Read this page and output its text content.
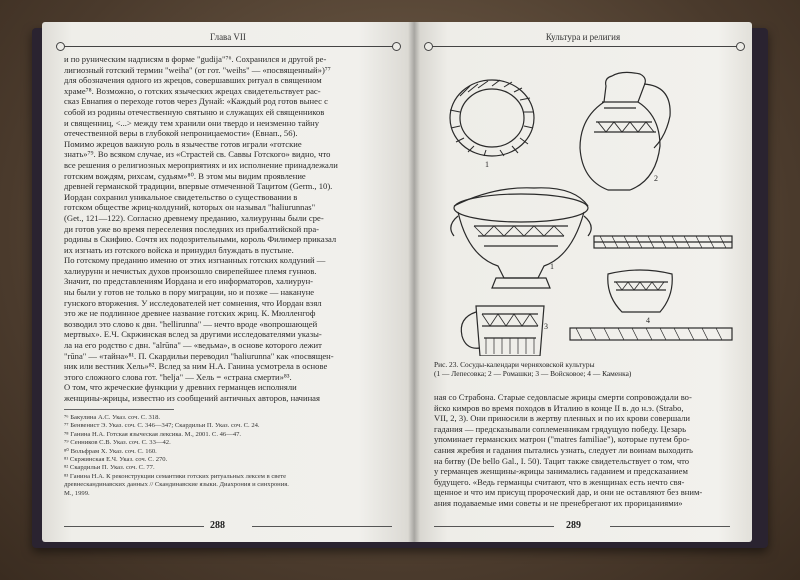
Глава VII

и по руническим надписям в форме "gudija"⁷⁶. Сохранился и другой ре-

лигиозный готский термин "weiha" (от гот. "weihs" — «посвященный»)⁷⁷

для обозначения одного из жрецов, совершавших ритуал в священном

храме⁷⁸. Возможно, о готских языческих жрецах свидетельствует рас-

сказ Евнапия о переходе готов через Дунай: «Каждый род готов вынес с

собой из родины отечественную святыню и служащих ей священников

и священниц, <...> между тем хранили они твердо и неизменно тайну

отечественной веры в глубокой непроницаемости» (Евнап., 56).

Помимо жрецов важную роль в язычестве готов играли «готские

знать»⁷⁹. Во всяком случае, из «Страстей св. Саввы Готского» видно, что

все решения о религиозных мероприятиях и их исполнение принадлежали

готским вождям, рихсам, судьям»⁸⁰. В этом мы видим проявление

древней германской традиции, впервые отмеченной Тацитом (Germ., 10).

Иордан сохранил уникальное свидетельство о существовании в

готском обществе жриц-колдуний, которых он называл "haliurunnas"

(Get., 121—122). Согласно древнему преданию, халиурунны были сре-

ди готов уже во время переселения последних из прибалтийской пра-

родины в Скифию. Сочтя их подозрительными, король Филимер приказал

их изгнать из готского войска и принудил блуждать в пустыне.

По готскому преданию именно от этих изгнанных готских колдуний —

халиурунн и нечистых духов произошло свирепейшее племя гуннов.

Значит, по представлениям Иордана и его информаторов, халиурун-

ны были у готов не только в пору миграции, но и позже — накануне

гунского вторжения. У исследователей нет сомнения, что Иордан взял

это же не подлинное древнее название готских жриц. К. Мюлленгоф

возводил это слово к двн. "hellirunna" — нечто вроде «вопрошающей

мертвых». Е.Ч. Скржинская вслед за другими исследователями указы-

ла на его родство с двн. "alrūna" — «ведьма», в основе которого лежит

"rūna" — «тайна»⁸¹. П. Скардильи переводил "haliurunna" как «посвящен-

ник или вестник Хель»⁸². Вслед за ним Н.А. Ганина усмотрела в основе

этого сложного слова гот. "helja" — Хель = «страна смерти»⁸³.

О том, что жреческие функции у древних германцев исполняли

женщины-жрицы, известно из сообщений античных авторов, начиная

⁷⁶ Бакулина А.С. Указ. соч. С. 318.

⁷⁷ Бенвенист Э. Указ. соч. С. 346—347; Скардильи П. Указ. соч. С. 24.

⁷⁸ Ганина Н.А. Готская языческая лексика. М., 2001. С. 46—47.

⁷⁹ Сенников С.В. Указ. соч. С. 33—42.

⁸⁰ Вольфрам Х. Указ. соч. С. 160.

⁸¹ Скржинская Е.Ч. Указ. соч. С. 270.

⁸² Скардильи П. Указ. соч. С. 77.

⁸³ Ганина Н.А. К реконструкции семантики готских ритуальных лексем в свете

древнескандинавских данных // Скандинавские языки. Диахрония и синхрония.

М., 1999.

288
Культура и религия
1
2
1
3
4

Рис. 23. Сосуды-календари черняховской культуры

(1 — Лепесовка; 2 — Ромашки; 3 — Войсковое; 4 — Каменка)

ная со Страбона. Старые седовласые жрицы смерти сопровождали во-

йско кимров во время походов в Италию в конце II в. до н.э. (Strabo,

VII, 2, 3). Они приносили в жертву пленных и по их крови совершали

гадания — предсказывали соплеменникам грядущую победу. Цезарь

упоминает германских матрон ("matres familiae"), которые путем бро-

сания жребия и гадания пытались узнать, следует ли воинам выходить

на битву (De bello Gal., I. 50). Тацит также свидетельствует о том, что

у германцев женщины-жрицы занимались гаданием и предсказанием

будущего. «Ведь германцы считают, что в женщинах есть нечто свя-

щенное и что им присущ пророческий дар, и они не оставляют без вним-

ания подаваемые ими советы и не пренебрегают их прорицаниями»

289
